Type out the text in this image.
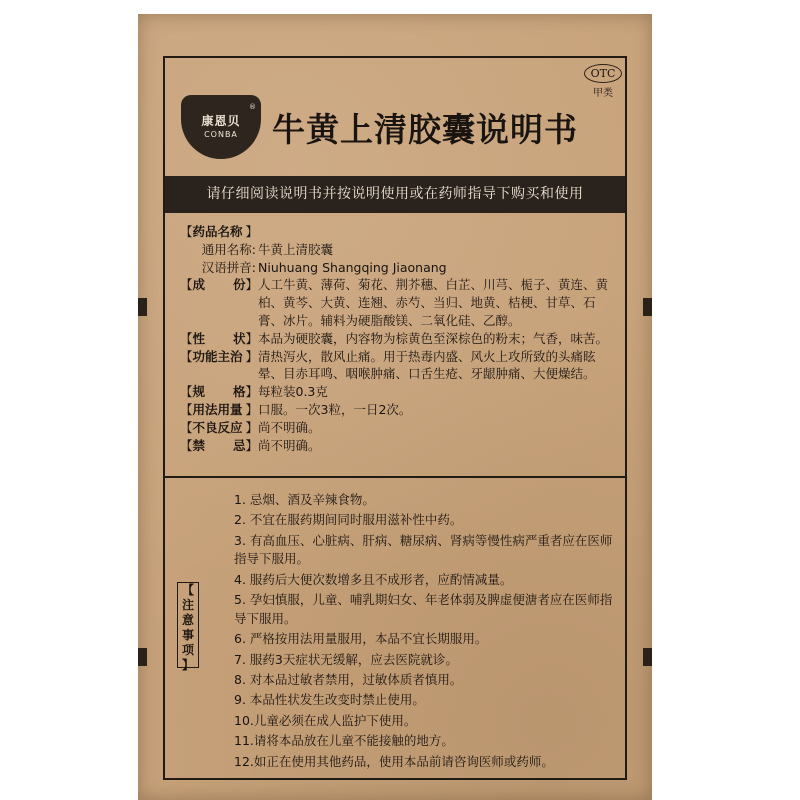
OTC
甲类
康恩贝
CONBA
®
牛黄上清胶囊说明书
请仔细阅读说明书并按说明使用或在药师指导下购买和使用
【 药品名称 】
通用名称: 牛黄上清胶囊
汉语拼音: Niuhuang Shangqing Jiaonang
【 成 份 】 人工牛黄、薄荷、菊花、荆芥穗、白芷、川芎、栀子、黄连、黄柏、黄芩、大黄、连翘、赤芍、当归、地黄、桔梗、甘草、石膏、冰片。辅料为硬脂酸镁、二氧化硅、乙醇。
【 性 状 】 本品为硬胶囊，内容物为棕黄色至深棕色的粉末；气香，味苦。
【 功能主治 】 清热泻火，散风止痛。用于热毒内盛、风火上攻所致的头痛眩晕、目赤耳鸣、咽喉肿痛、口舌生疮、牙龈肿痛、大便燥结。
【 规 格 】 每粒装0.3克
【 用法用量 】 口服。一次3粒，一日2次。
【 不良反应 】 尚不明确。
【 禁 忌 】 尚不明确。
【
注
意
事
项
】
1. 忌烟、酒及辛辣食物。
2. 不宜在服药期间同时服用滋补性中药。
3. 有高血压、心脏病、肝病、糖尿病、肾病等慢性病严重者应在医师指导下服用。
4. 服药后大便次数增多且不成形者，应酌情减量。
5. 孕妇慎服，儿童、哺乳期妇女、年老体弱及脾虚便溏者应在医师指导下服用。
6. 严格按用法用量服用，本品不宜长期服用。
7. 服药3天症状无缓解，应去医院就诊。
8. 对本品过敏者禁用，过敏体质者慎用。
9. 本品性状发生改变时禁止使用。
10.儿童必须在成人监护下使用。
11.请将本品放在儿童不能接触的地方。
12.如正在使用其他药品，使用本品前请咨询医师或药师。
